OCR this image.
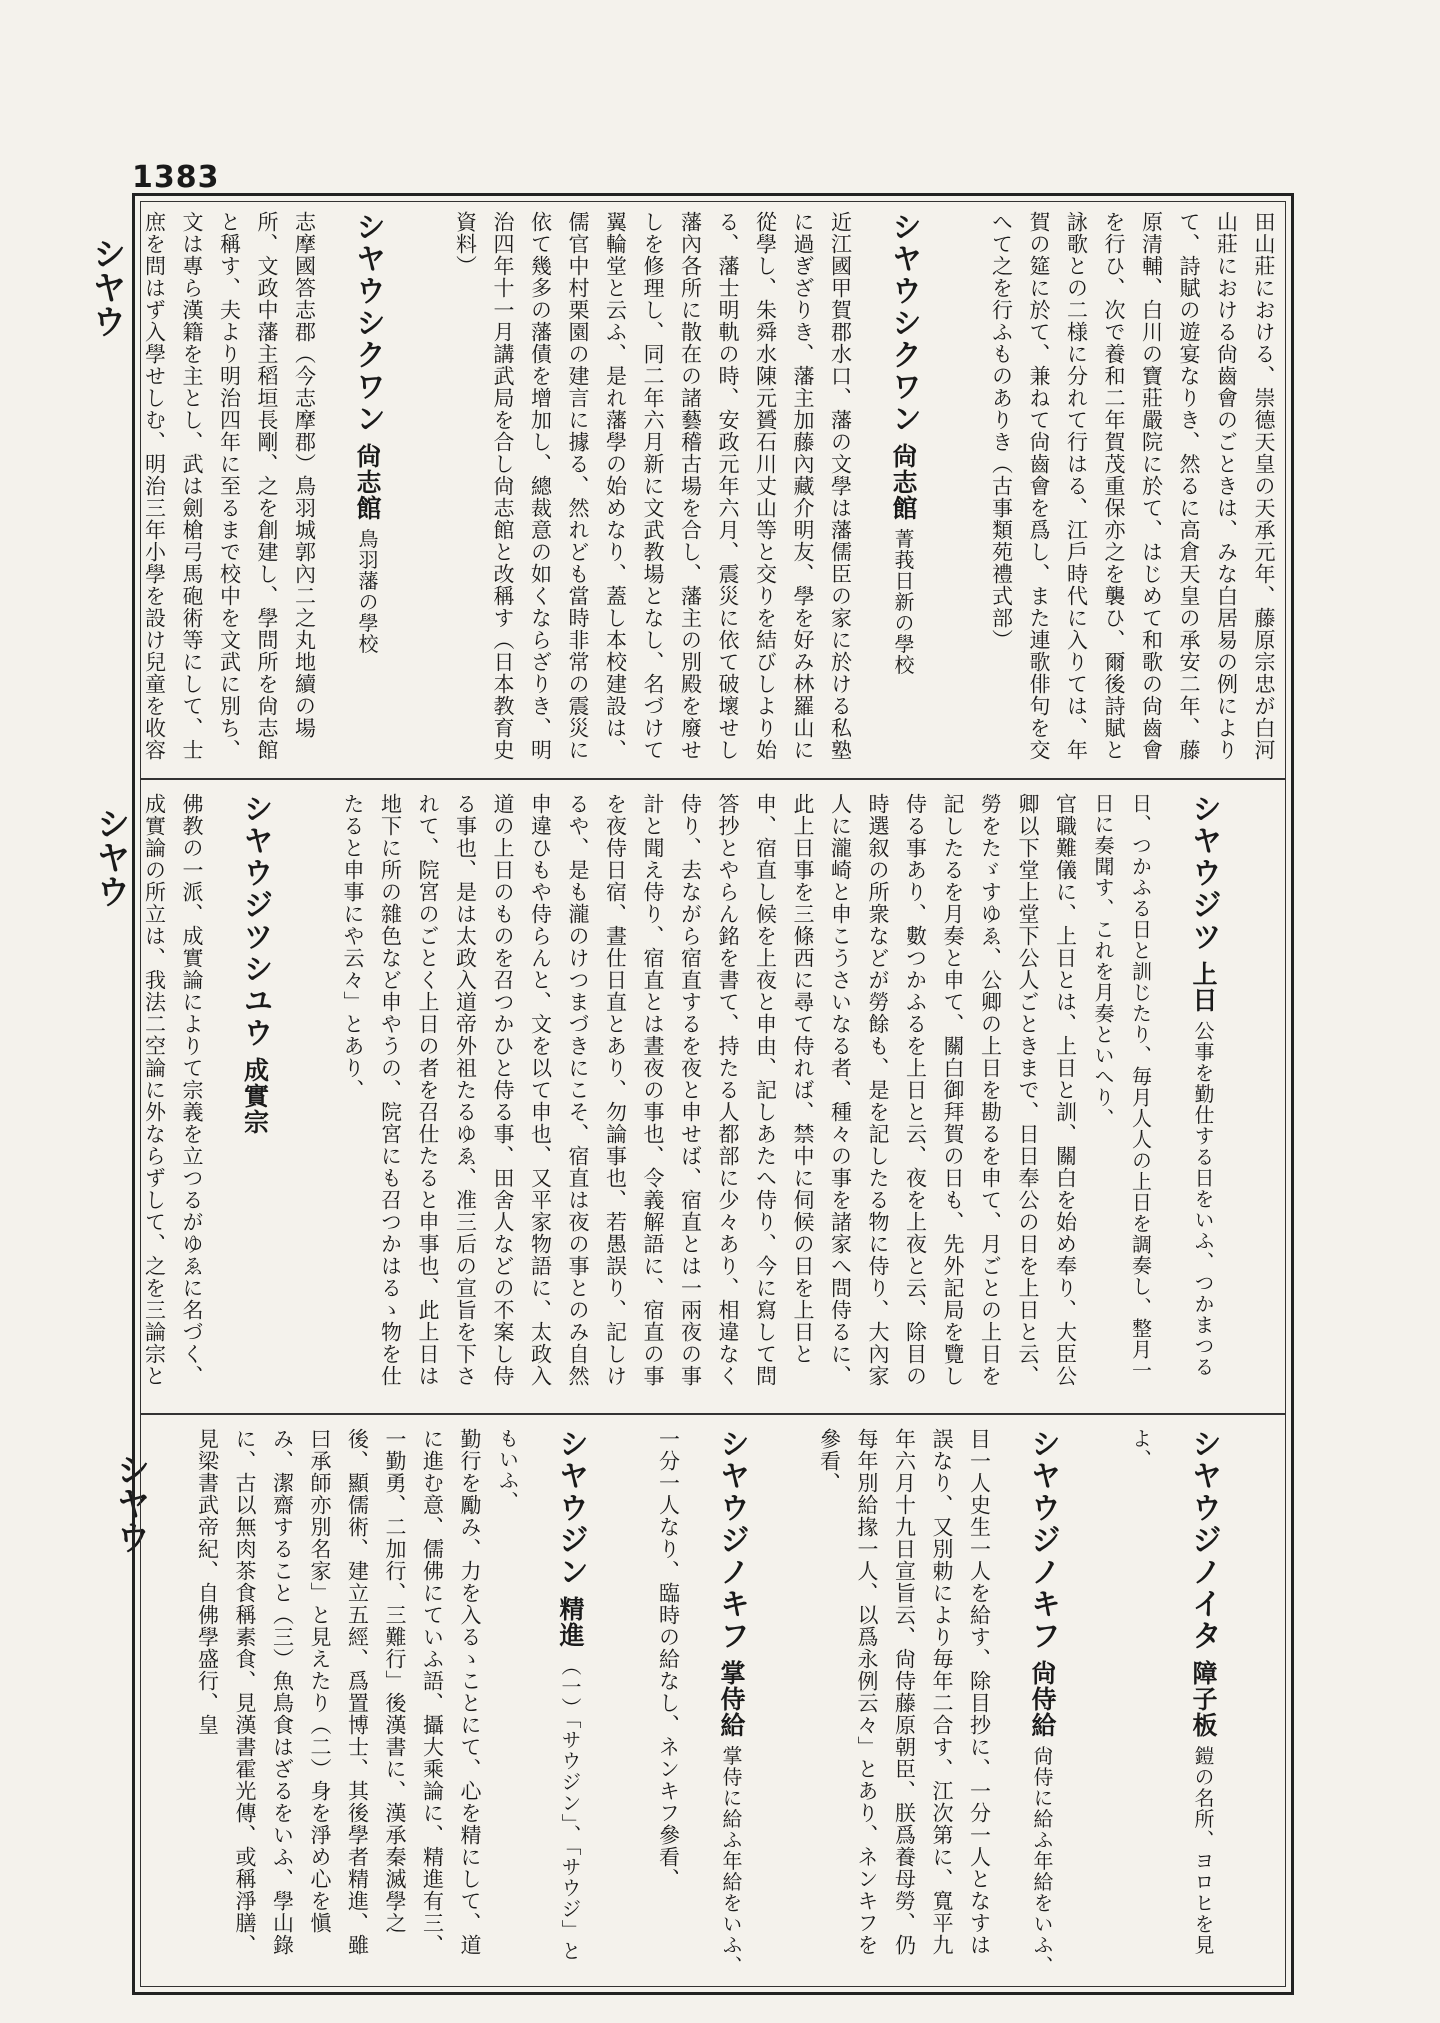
1383
シヤウ
シヤウ
シヤウ
田山莊における、崇德天皇の天承元年、藤原宗忠が白河山莊における尙齒會のごときは、みな白居易の例によりて、詩賦の遊宴なりき、然るに高倉天皇の承安二年、藤原清輔、白川の寶莊嚴院に於て、はじめて和歌の尙齒會を行ひ、次で養和二年賀茂重保亦之を襲ひ、爾後詩賦と詠歌との二様に分れて行はる、江戶時代に入りては、年賀の筵に於て、兼ねて尙齒會を爲し、また連歌俳句を交へて之を行ふものありき（古事類苑禮式部）
シヤウシクワン 尙志館 菁莪日新の學校
近江國甲賀郡水口、藩の文學は藩儒臣の家に於ける私塾に過ぎざりき、藩主加藤內藏介明友、學を好み林羅山に從學し、朱舜水陳元贇石川丈山等と交りを結びしより始る、藩士明軌の時、安政元年六月、震災に依て破壞せし藩內各所に散在の諸藝稽古場を合し、藩主の別殿を廢せしを修理し、同二年六月新に文武教場となし、名づけて翼輪堂と云ふ、是れ藩學の始めなり、蓋し本校建設は、儒官中村栗園の建言に據る、然れども當時非常の震災に依て幾多の藩債を增加し、總裁意の如くならざりき、明治四年十一月講武局を合し尙志館と改稱す（日本教育史資料）
シヤウシクワン 尙志館 鳥羽藩の學校
志摩國答志郡（今志摩郡）鳥羽城郭內二之丸地續の場所、文政中藩主稻垣長剛、之を創建し、學問所を尙志館と稱す、夫より明治四年に至るまで校中を文武に別ち、文は專ら漢籍を主とし、武は劍槍弓馬砲術等にして、士庶を問はず入學せしむ、明治三年小學を設け兒童を收容
シヤウジツ 上日 公事を勤仕する日をいふ、つかまつる日、つかふる日と訓じたり、毎月人人の上日を調奏し、整月一日に奏聞す、これを月奏といへり、
官職難儀に、上日とは、上日と訓、關白を始め奉り、大臣公卿以下堂上堂下公人ごときまで、日日奉公の日を上日と云、勞をたゞすゆゑ、公卿の上日を勘るを申て、月ごとの上日を記したるを月奏と申て、關白御拜賀の日も、先外記局を覽し侍る事あり、數つかふるを上日と云、夜を上夜と云、除目の時選叙の所衆などが勞餘も、是を記したる物に侍り、大內家人に瀧崎と申こうさいなる者、種々の事を諸家へ問侍るに、此上日事を三條西に尋て侍れば、禁中に伺候の日を上日と申、宿直し候を上夜と申由、記しあたへ侍り、今に寫して問答抄とやらん銘を書て、持たる人都部に少々あり、相違なく侍り、去ながら宿直するを夜と申せば、宿直とは一兩夜の事計と聞え侍り、宿直とは晝夜の事也、令義解語に、宿直の事を夜侍日宿、晝仕日直とあり、勿論事也、若愚誤り、記しけるや、是も瀧のけつまづきにこそ、宿直は夜の事とのみ自然申違ひもや侍らんと、文を以て申也、又平家物語に、太政入道の上日のものを召つかひと侍る事、田舍人などの不案し侍る事也、是は太政入道帝外祖たるゆゑ、准三后の宣旨を下されて、院宮のごとく上日の者を召仕たると申事也、此上日は地下に所の雜色など申やうの、院宮にも召つかはるゝ物を仕たると申事にや云々」とあり、
シヤウジツシユウ 成實宗
佛教の一派、成實論によりて宗義を立つるがゆゑに名づく、成實論の所立は、我法二空論に外ならずして、之を三論宗と
シヤウジノイタ 障子板 鎧の名所、ヨロヒを見よ、
シヤウジノキフ 尙侍給 尙侍に給ふ年給をいふ、
目一人史生一人を給す、除目抄に、一分一人となすは誤なり、又別勅により毎年二合す、江次第に、寬平九年六月十九日宣旨云、尙侍藤原朝臣、朕爲養母勞、仍每年別給掾一人、以爲永例云々」とあり、ネンキフを參看、
シヤウジノキフ 掌侍給 掌侍に給ふ年給をいふ、
一分一人なり、臨時の給なし、ネンキフ參看、
シヤウジン 精進 （一）「サウジン」、「サウジ」ともいふ、
勤行を勵み、力を入るゝことにて、心を精にして、道に進む意、儒佛にていふ語、攝大乘論に、精進有三、一勤勇、二加行、三難行」後漢書に、漢承秦滅學之後、顯儒術、建立五經、爲置博士、其後學者精進、雖曰承師亦別名家」と見えたり（二）身を淨め心を愼み、潔齋すること（三）魚鳥食はざるをいふ、學山錄に、古以無肉茶食稱素食、見漢書霍光傳、或稱淨膳、見梁書武帝紀、自佛學盛行、皇
